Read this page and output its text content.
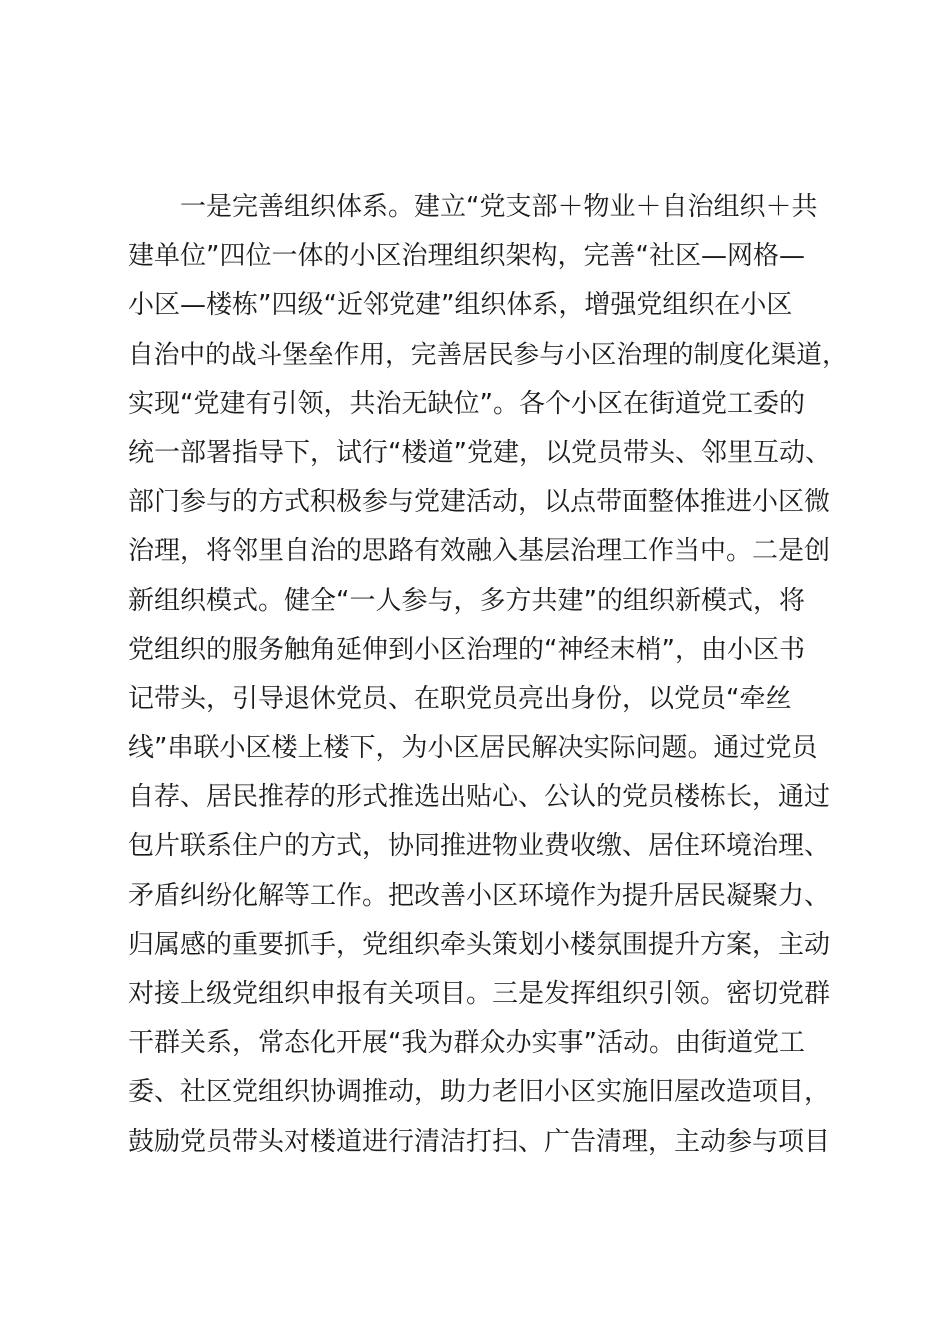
一是完善组织体系。建立“党支部＋物业＋自治组织＋共
建单位”四位一体的小区治理组织架构，完善“社区—网格—
小区—楼栋”四级“近邻党建”组织体系，增强党组织在小区
自治中的战斗堡垒作用，完善居民参与小区治理的制度化渠道，
实现“党建有引领，共治无缺位”。各个小区在街道党工委的
统一部署指导下，试行“楼道”党建，以党员带头、邻里互动、
部门参与的方式积极参与党建活动，以点带面整体推进小区微
治理，将邻里自治的思路有效融入基层治理工作当中。二是创
新组织模式。健全“一人参与，多方共建”的组织新模式，将
党组织的服务触角延伸到小区治理的“神经末梢”，由小区书
记带头，引导退休党员、在职党员亮出身份，以党员“牵丝
线”串联小区楼上楼下，为小区居民解决实际问题。通过党员
自荐、居民推荐的形式推选出贴心、公认的党员楼栋长，通过
包片联系住户的方式，协同推进物业费收缴、居住环境治理、
矛盾纠纷化解等工作。把改善小区环境作为提升居民凝聚力、
归属感的重要抓手，党组织牵头策划小楼氛围提升方案，主动
对接上级党组织申报有关项目。三是发挥组织引领。密切党群
干群关系，常态化开展“我为群众办实事”活动。由街道党工
委、社区党组织协调推动，助力老旧小区实施旧屋改造项目，
鼓励党员带头对楼道进行清洁打扫、广告清理，主动参与项目
